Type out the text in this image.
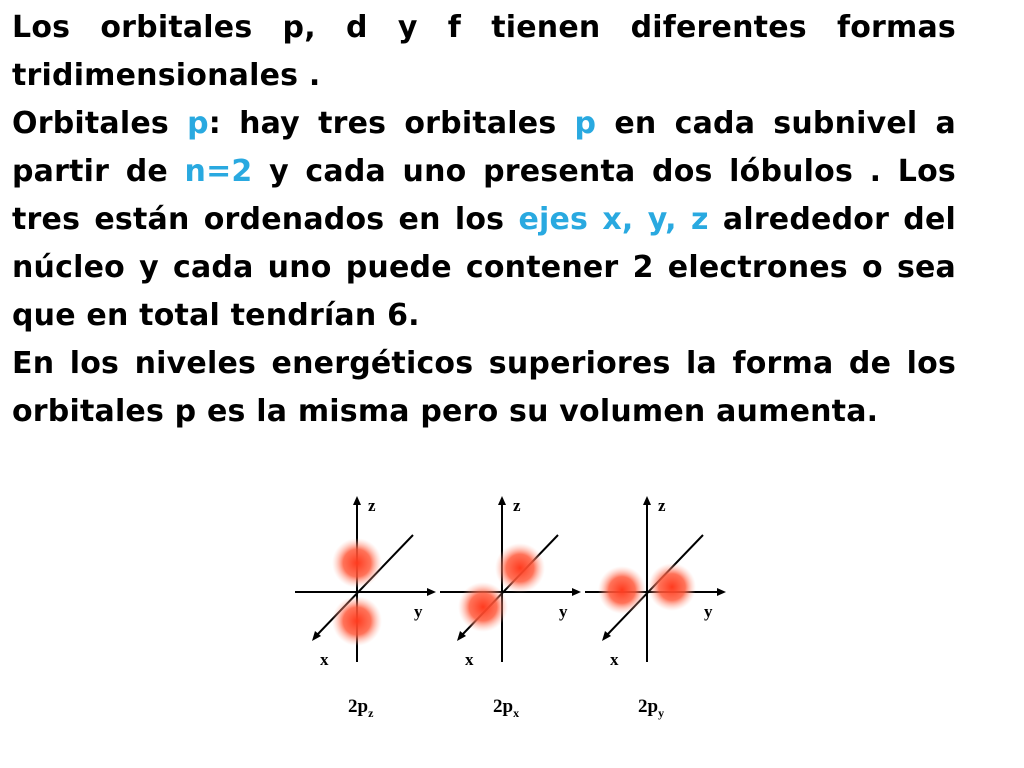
Los orbitales p, d y f tienen diferentes formas tridimensionales .

Orbitales p: hay tres orbitales p en cada subnivel a partir de n=2 y cada uno presenta dos lóbulos . Los tres están ordenados en los ejes x, y, z alrededor del núcleo y cada uno puede contener 2 electrones o sea que en total tendrían 6.

En los niveles energéticos superiores la forma de los orbitales p es la misma pero su volumen aumenta.

z
y
x
$2p_z$
z
y
x
$2p_x$
z
y
x
$2p_y$
